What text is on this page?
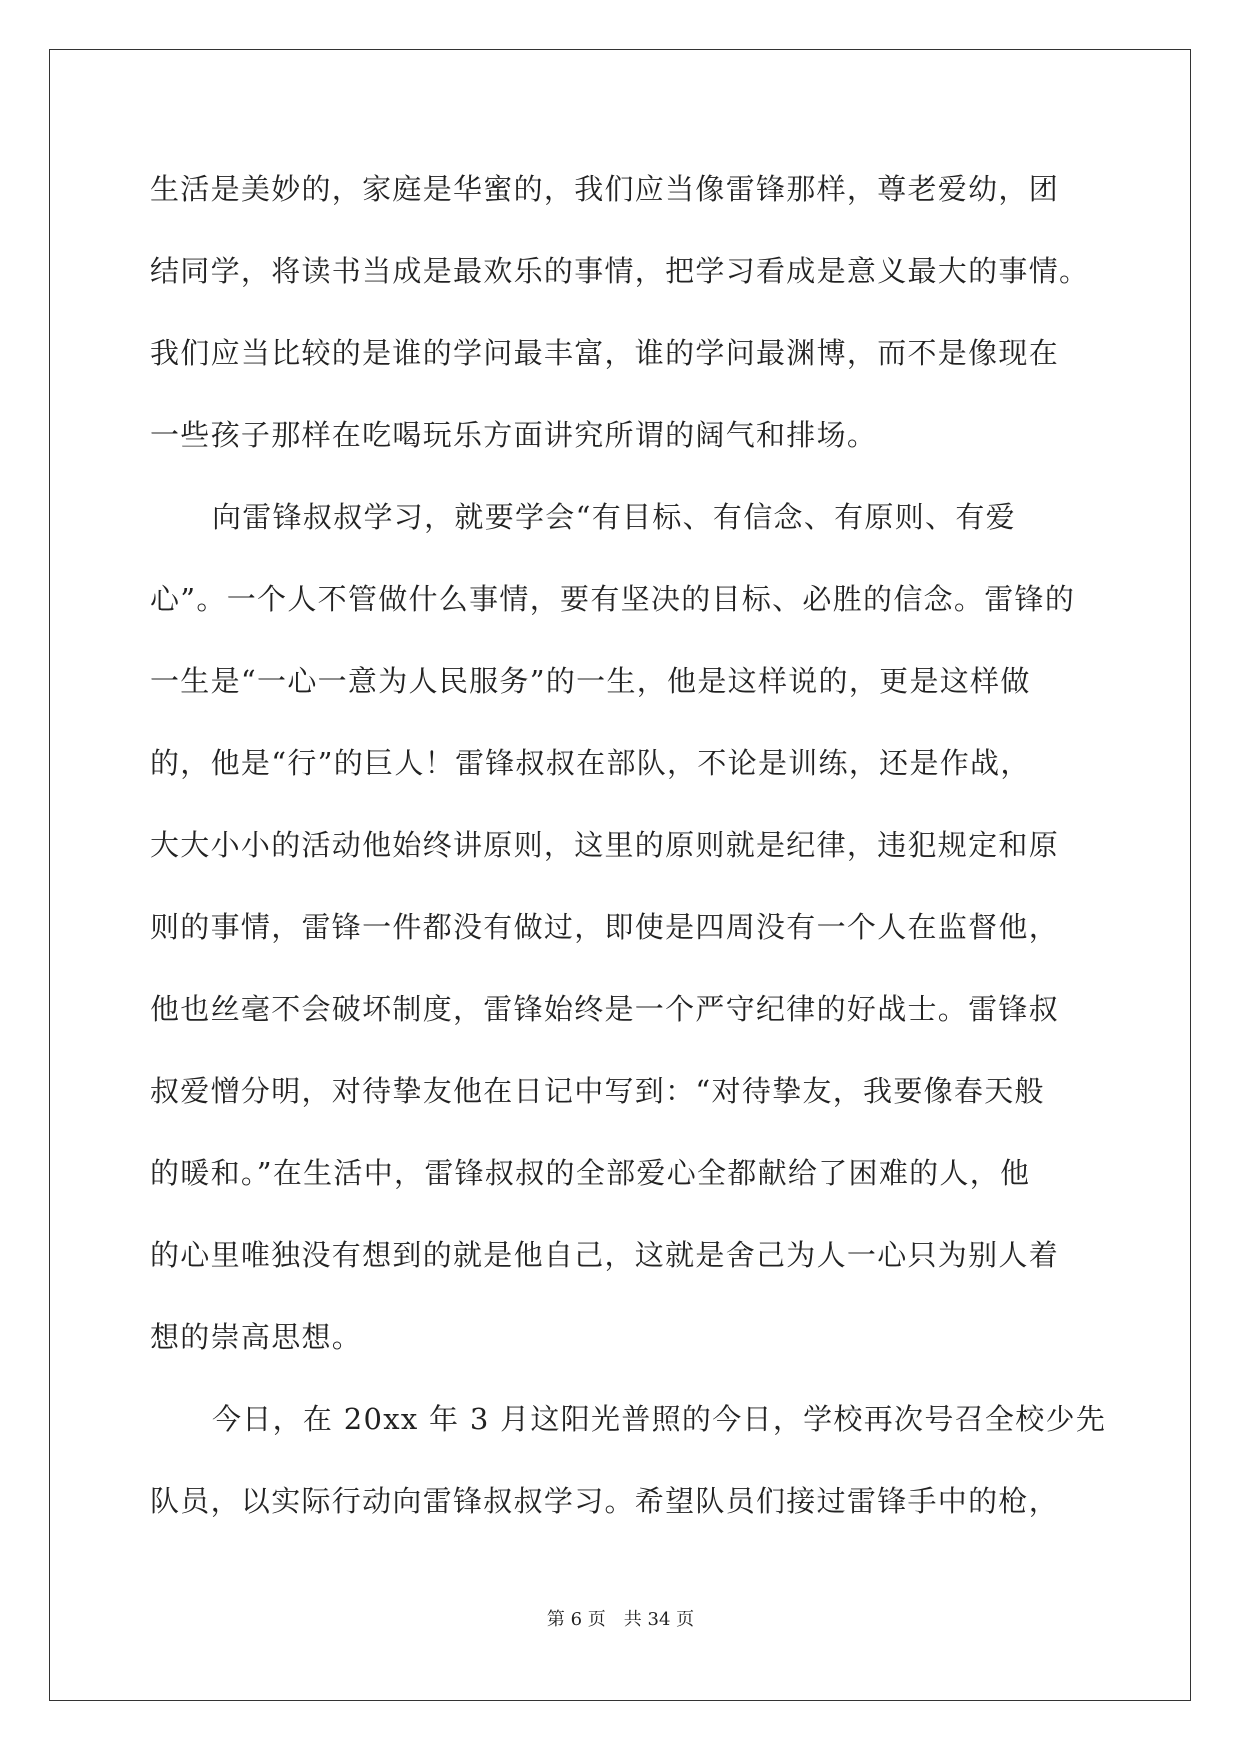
生活是美妙的，家庭是华蜜的，我们应当像雷锋那样，尊老爱幼，团
结同学，将读书当成是最欢乐的事情，把学习看成是意义最大的事情。
我们应当比较的是谁的学问最丰富，谁的学问最渊博，而不是像现在
一些孩子那样在吃喝玩乐方面讲究所谓的阔气和排场。
向雷锋叔叔学习，就要学会“有目标、有信念、有原则、有爱
心”。一个人不管做什么事情，要有坚决的目标、必胜的信念。雷锋的
一生是“一心一意为人民服务”的一生，他是这样说的，更是这样做
的，他是“行”的巨人！雷锋叔叔在部队，不论是训练，还是作战，
大大小小的活动他始终讲原则，这里的原则就是纪律，违犯规定和原
则的事情，雷锋一件都没有做过，即使是四周没有一个人在监督他，
他也丝毫不会破坏制度，雷锋始终是一个严守纪律的好战士。雷锋叔
叔爱憎分明，对待挚友他在日记中写到：“对待挚友，我要像春天般
的暖和。”在生活中，雷锋叔叔的全部爱心全都献给了困难的人，他
的心里唯独没有想到的就是他自己，这就是舍己为人一心只为别人着
想的崇高思想。
今日，在 20xx 年 3 月这阳光普照的今日，学校再次号召全校少先
队员，以实际行动向雷锋叔叔学习。希望队员们接过雷锋手中的枪，
第 6 页 共 34 页
